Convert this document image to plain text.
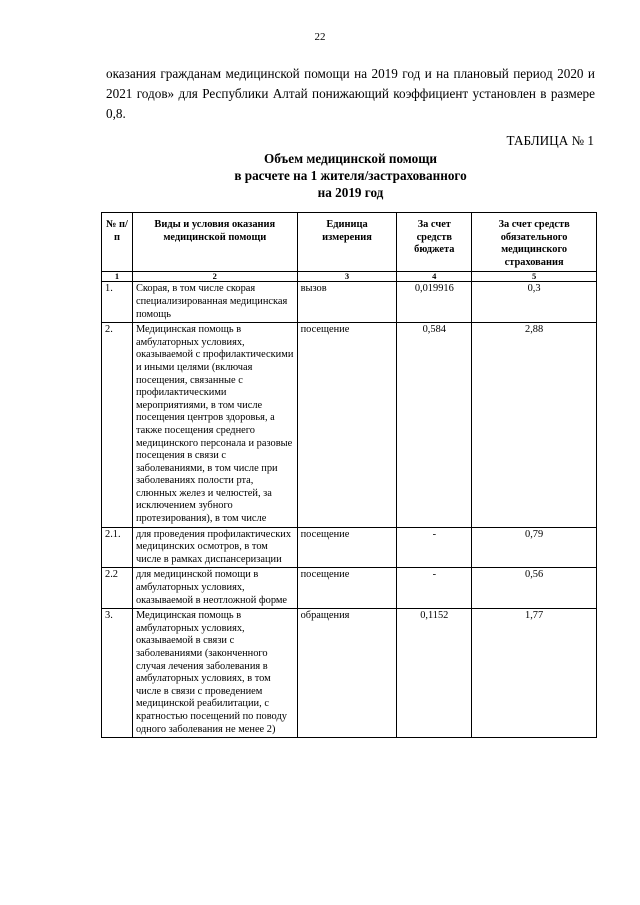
22
оказания гражданам медицинской помощи на 2019 год и на плановый период 2020 и 2021 годов» для Республики Алтай понижающий коэффициент установлен в размере 0,8.
ТАБЛИЦА № 1
Объем медицинской помощи
в расчете на 1 жителя/застрахованного
на 2019 год
№ п/п	Виды и условия оказания медицинской помощи	Единица измерения	За счет средств бюджета	За счет средств обязательного медицинского страхования
1	2	3	4	5
1.	Скорая, в том числе скорая специализированная медицинская помощь	вызов	0,019916	0,3
2.	Медицинская помощь в амбулаторных условиях, оказываемой с профилактическими и иными целями (включая посещения, связанные с профилактическими мероприятиями, в том числе посещения центров здоровья, а также посещения среднего медицинского персонала и разовые посещения в связи с заболеваниями, в том числе при заболеваниях полости рта, слюнных желез и челюстей, за исключением зубного протезирования), в том числе	посещение	0,584	2,88
2.1.	для проведения профилактических медицинских осмотров, в том числе в рамках диспансеризации	посещение	-	0,79
2.2	для медицинской помощи в амбулаторных условиях, оказываемой в неотложной форме	посещение	-	0,56
3.	Медицинская помощь в амбулаторных условиях, оказываемой в связи с заболеваниями (законченного случая лечения заболевания в амбулаторных условиях, в том числе в связи с проведением медицинской реабилитации, с кратностью посещений по поводу одного заболевания не менее 2)	обращения	0,1152	1,77
